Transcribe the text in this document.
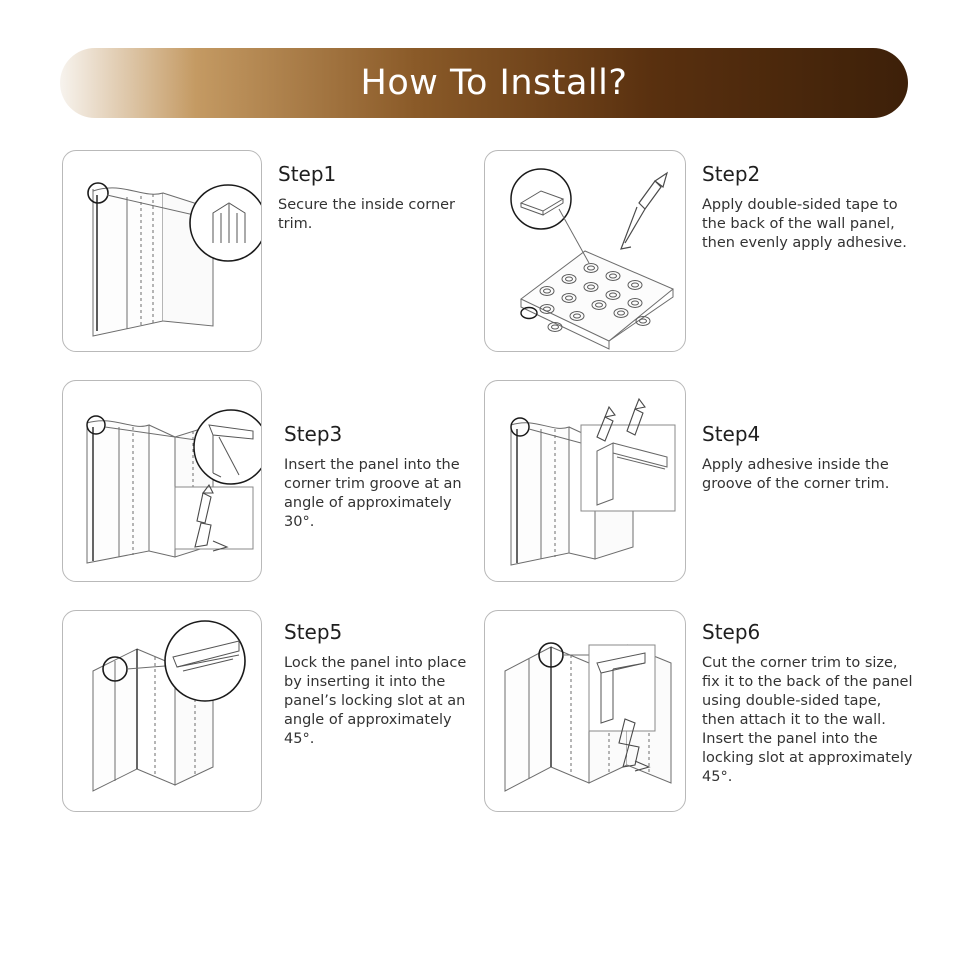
How To Install?

Step1

Secure the inside corner trim.

Step2

Apply double-sided tape to the back of the wall panel, then evenly apply adhesive.

Step3

Insert the panel into the corner trim groove at an angle of approximately 30°.

Step4

Apply adhesive inside the groove of the corner trim.

Step5

Lock the panel into place by inserting it into the panel’s locking slot at an angle of approximately 45°.

Step6

Cut the corner trim to size, fix it to the back of the panel using double-sided tape, then attach it to the wall. Insert the panel into the locking slot at approximately 45°.
